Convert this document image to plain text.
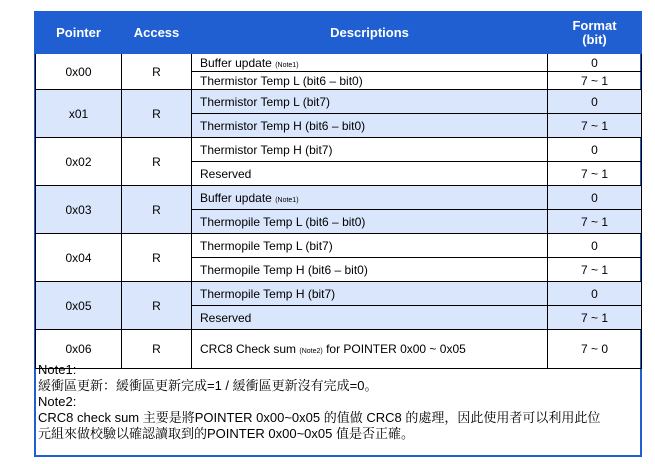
Pointer	Access	Descriptions	Format
(bit)
0x00	R	Buffer update (Note1)	0
		Thermistor Temp L (bit6 – bit0)	7 ~ 1
x01	R	Thermistor Temp L (bit7)	0
		Thermistor Temp H (bit6 – bit0)	7 ~ 1
0x02	R	Thermistor Temp H (bit7)	0
		Reserved	7 ~ 1
0x03	R	Buffer update (Note1)	0
		Thermopile Temp L (bit6 – bit0)	7 ~ 1
0x04	R	Thermopile Temp L (bit7)	0
		Thermopile Temp H (bit6 – bit0)	7 ~ 1
0x05	R	Thermopile Temp H (bit7)	0
		Reserved	7 ~ 1
0x06	R	CRC8 Check sum (Note2) for POINTER 0x00 ~ 0x05	7 ~ 0
Note1:
緩衝區更新：緩衝區更新完成=1 / 緩衝區更新沒有完成=0。
Note2:
CRC8 check sum 主要是將POINTER 0x00~0x05 的值做 CRC8 的處理，因此使用者可以利用此位
元組來做校驗以確認讀取到的POINTER 0x00~0x05 值是否正確。
